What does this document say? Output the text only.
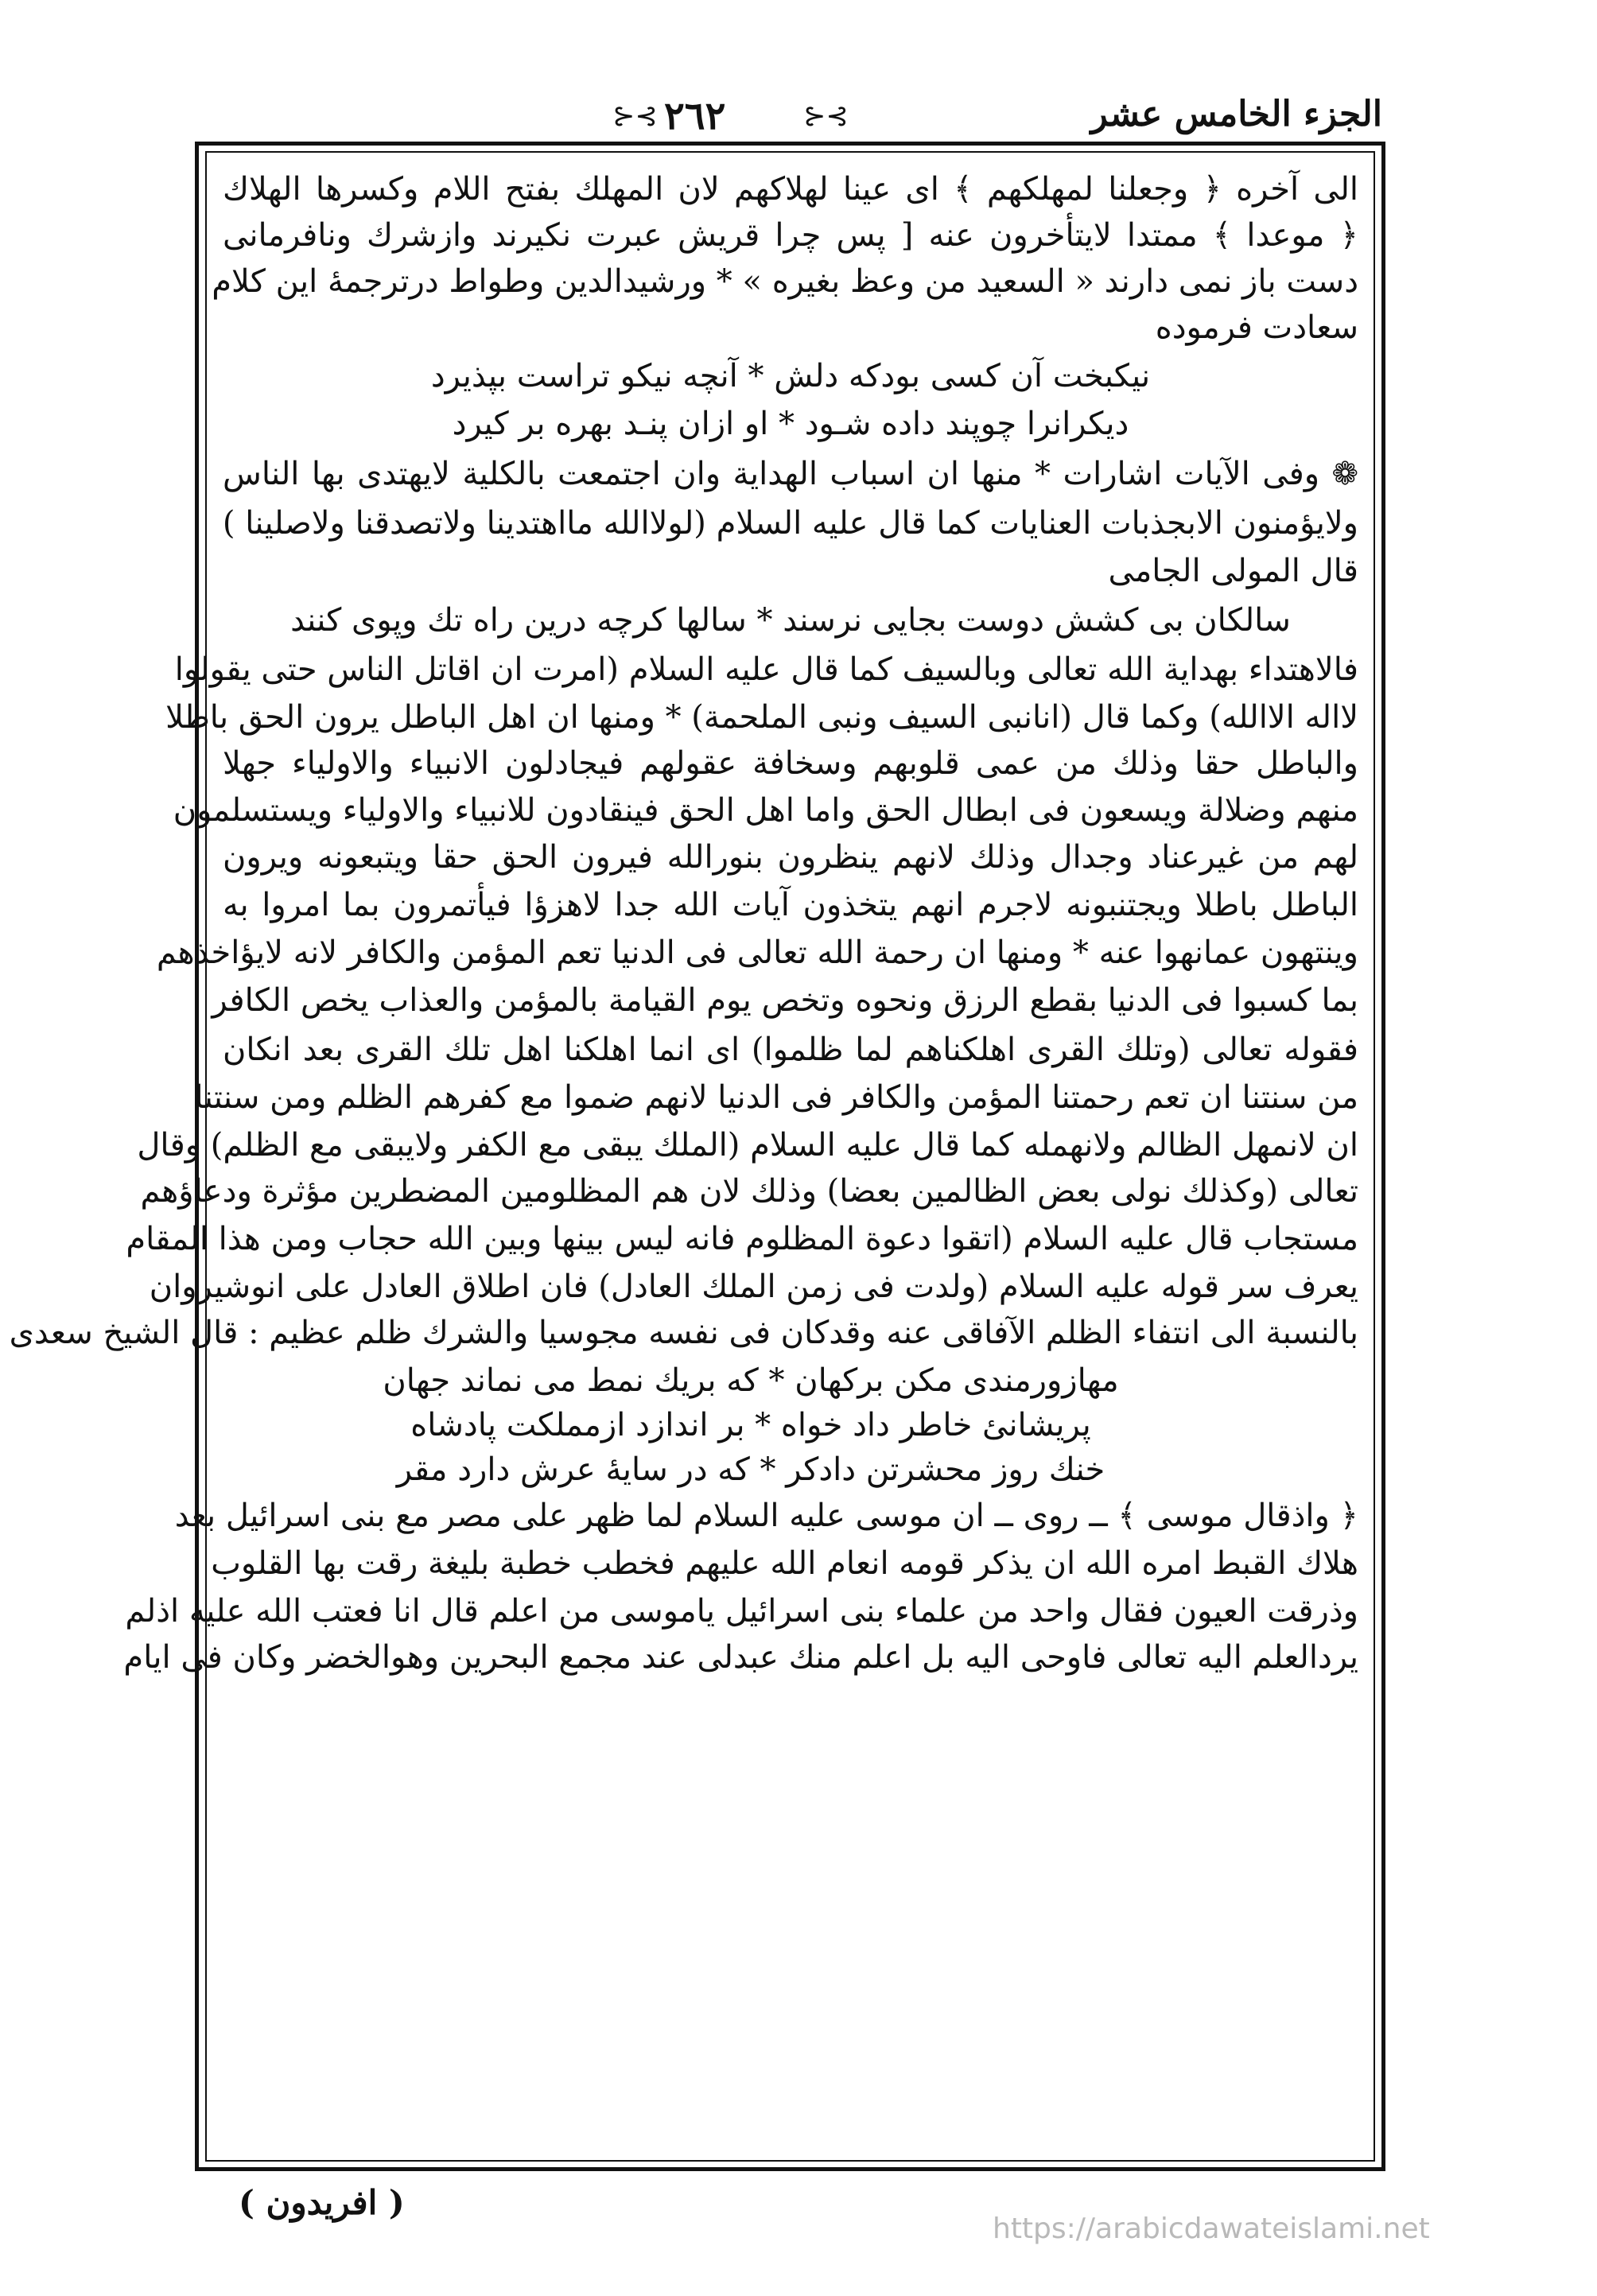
الجزء الخامس عشر
⊱⊰ ٢٦٢	⊱⊰
الى آخره ﴿ وجعلنا لمهلكهم ﴾ اى عينا لهلاكهم لان المهلك بفتح اللام وكسرها الهلاك
﴿ موعدا ﴾ ممتدا لايتأخرون عنه [ پس چرا قريش عبرت نكيرند وازشرك ونافرمانى
دست باز نمى دارند « السعيد من وعظ بغيره » * ورشيدالدين وطواط درترجمهٔ اين كلام
سعادت فرموده
نيكبخت آن كسى بودكه دلش * آنچه نيكو تراست بپذيرد
ديكرانرا چوپند داده شـود * او ازان پنـد بهره بر كيرد
❁ وفى الآيات اشارات * منها ان اسباب الهداية وان اجتمعت بالكلية لايهتدى بها الناس
ولايؤمنون الابجذبات العنايات كما قال عليه السلام (لولاالله مااهتدينا ولاتصدقنا ولاصلينا )
قال المولى الجامى
سالكان بى كشش دوست بجايى نرسند * سالها كرچه درين راه تك وپوى كنند
فالاهتداء بهداية الله تعالى وبالسيف كما قال عليه السلام (امرت ان اقاتل الناس حتى يقولوا
لااله الاالله) وكما قال (انانبى السيف ونبى الملحمة) * ومنها ان اهل الباطل يرون الحق باطلا
والباطل حقا وذلك من عمى قلوبهم وسخافة عقولهم فيجادلون الانبياء والاولياء جهلا
منهم وضلالة ويسعون فى ابطال الحق واما اهل الحق فينقادون للانبياء والاولياء ويستسلمون
لهم من غيرعناد وجدال وذلك لانهم ينظرون بنورالله فيرون الحق حقا ويتبعونه ويرون
الباطل باطلا ويجتنبونه لاجرم انهم يتخذون آيات الله جدا لاهزؤا فيأتمرون بما امروا به
وينتهون عمانهوا عنه * ومنها ان رحمة الله تعالى فى الدنيا تعم المؤمن والكافر لانه لايؤاخذهم
بما كسبوا فى الدنيا بقطع الرزق ونحوه وتخص يوم القيامة بالمؤمن والعذاب يخص الكافر
فقوله تعالى (وتلك القرى اهلكناهم لما ظلموا) اى انما اهلكنا اهل تلك القرى بعد انكان
من سنتنا ان تعم رحمتنا المؤمن والكافر فى الدنيا لانهم ضموا مع كفرهم الظلم ومن سنتنا
ان لانمهل الظالم ولانهمله كما قال عليه السلام (الملك يبقى مع الكفر ولايبقى مع الظلم) وقال
تعالى (وكذلك نولى بعض الظالمين بعضا) وذلك لان هم المظلومين المضطرين مؤثرة ودعاؤهم
مستجاب قال عليه السلام (اتقوا دعوة المظلوم فانه ليس بينها وبين الله حجاب ومن هذا المقام
يعرف سر قوله عليه السلام (ولدت فى زمن الملك العادل) فان اطلاق العادل على انوشيروان
بالنسبة الى انتفاء الظلم الآفاقى عنه وقدكان فى نفسه مجوسيا والشرك ظلم عظيم : قال الشيخ سعدى
مهازورمندى مكن بركهان * كه بريك نمط مى نماند جهان
پريشانئ خاطر داد خواه * بر اندازد ازمملكت پادشاه
خنك روز محشرتن دادكر * كه در سايهٔ عرش دارد مقر
﴿ واذقال موسى ﴾ ــ روى ــ ان موسى عليه السلام لما ظهر على مصر مع بنى اسرائيل بعد
هلاك القبط امره الله ان يذكر قومه انعام الله عليهم فخطب خطبة بليغة رقت بها القلوب
وذرقت العيون فقال واحد من علماء بنى اسرائيل ياموسى من اعلم قال انا فعتب الله عليه اذلم
يردالعلم اليه تعالى فاوحى اليه بل اعلم منك عبدلى عند مجمع البحرين وهوالخضر وكان فى ايام
( افريدون )
https://arabicdawateislami.net
